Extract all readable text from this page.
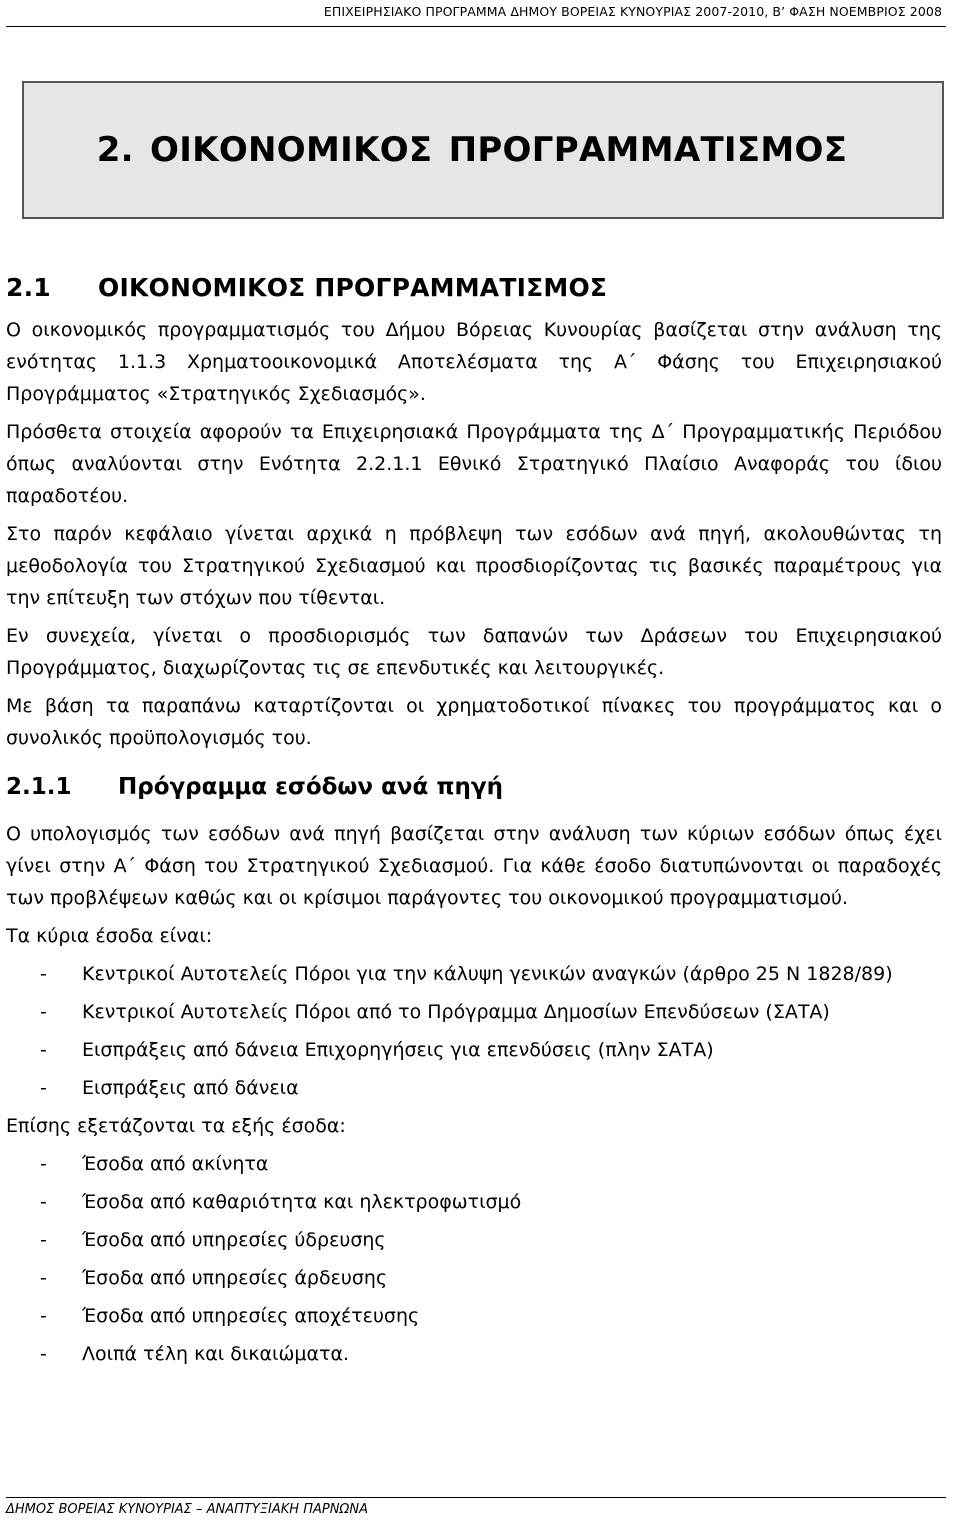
ΕΠΙΧΕΙΡΗΣΙΑΚΟ ΠΡΟΓΡΑΜΜΑ ΔΗΜΟΥ ΒΟΡΕΙΑΣ ΚΥΝΟΥΡΙΑΣ 2007-2010, Β’ ΦΑΣΗ ΝΟΕΜΒΡΙΟΣ 2008
2. ΟΙΚΟΝΟΜΙΚΟΣ ΠΡΟΓΡΑΜΜΑΤΙΣΜΟΣ
2.1 ΟΙΚΟΝΟΜΙΚΟΣ ΠΡΟΓΡΑΜΜΑΤΙΣΜΟΣ

Ο οικονομικός προγραμματισμός του Δήμου Βόρειας Κυνουρίας βασίζεται στην ανάλυση της ενότητας 1.1.3 Χρηματοοικονομικά Αποτελέσματα της Α΄ Φάσης του Επιχειρησιακού Προγράμματος «Στρατηγικός Σχεδιασμός».

Πρόσθετα στοιχεία αφορούν τα Επιχειρησιακά Προγράμματα της Δ΄ Προγραμματικής Περιόδου όπως αναλύονται στην Ενότητα 2.2.1.1 Εθνικό Στρατηγικό Πλαίσιο Αναφοράς του ίδιου παραδοτέου.

Στο παρόν κεφάλαιο γίνεται αρχικά η πρόβλεψη των εσόδων ανά πηγή, ακολουθώντας τη μεθοδολογία του Στρατηγικού Σχεδιασμού και προσδιορίζοντας τις βασικές παραμέτρους για την επίτευξη των στόχων που τίθενται.

Εν συνεχεία, γίνεται ο προσδιορισμός των δαπανών των Δράσεων του Επιχειρησιακού Προγράμματος, διαχωρίζοντας τις σε επενδυτικές και λειτουργικές.

Με βάση τα παραπάνω καταρτίζονται οι χρηματοδοτικοί πίνακες του προγράμματος και ο συνολικός προϋπολογισμός του.

2.1.1 Πρόγραμμα εσόδων ανά πηγή

Ο υπολογισμός των εσόδων ανά πηγή βασίζεται στην ανάλυση των κύριων εσόδων όπως έχει γίνει στην Α΄ Φάση του Στρατηγικού Σχεδιασμού. Για κάθε έσοδο διατυπώνονται οι παραδοχές των προβλέψεων καθώς και οι κρίσιμοι παράγοντες του οικονομικού προγραμματισμού.

Τα κύρια έσοδα είναι:

- Κεντρικοί Αυτοτελείς Πόροι για την κάλυψη γενικών αναγκών (άρθρο 25 Ν 1828/89)
- Κεντρικοί Αυτοτελείς Πόροι από το Πρόγραμμα Δημοσίων Επενδύσεων (ΣΑΤΑ)
- Εισπράξεις από δάνεια Επιχορηγήσεις για επενδύσεις (πλην ΣΑΤΑ)
- Εισπράξεις από δάνεια

Επίσης εξετάζονται τα εξής έσοδα:

- Έσοδα από ακίνητα
- Έσοδα από καθαριότητα και ηλεκτροφωτισμό
- Έσοδα από υπηρεσίες ύδρευσης
- Έσοδα από υπηρεσίες άρδευσης
- Έσοδα από υπηρεσίες αποχέτευσης
- Λοιπά τέλη και δικαιώματα.
ΔΗΜΟΣ ΒΟΡΕΙΑΣ ΚΥΝΟΥΡΙΑΣ – ΑΝΑΠΤΥΞΙΑΚΗ ΠΑΡΝΩΝΑ
